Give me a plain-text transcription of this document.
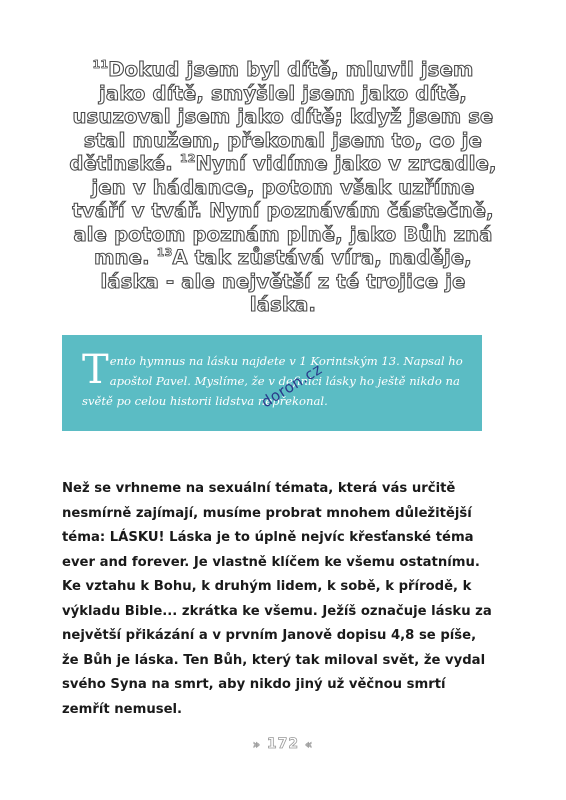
$^{11}$Dokud jsem byl dítě, mluvil jsem jako dítě, smýšlel jsem jako dítě, usuzoval jsem jako dítě; když jsem se stal mužem, překonal jsem to, co je dětinské. $^{12}$Nyní vidíme jako v zrcadle, jen v hádance, potom však uzříme tváří v tvář. Nyní poznávám částečně, ale potom poznám plně, jako Bůh zná mne. $^{13}$A tak zůstává víra, naděje, láska - ale největší z té trojice je láska.
Tento hymnus na lásku najdete v 1 Korintským 13. Napsal ho apoštol Pavel. Myslíme, že v definici lásky ho ještě nikdo na světě po celou historii lidstva nepřekonal.
doron.cz
Než se vrhneme na sexuální témata, která vás určitě nesmírně zajímají, musíme probrat mnohem důležitější téma: LÁSKU! Láska je to úplně nejvíc křesťanské téma ever and forever. Je vlastně klíčem ke všemu ostatnímu. Ke vztahu k Bohu, k druhým lidem, k sobě, k přírodě, k výkladu Bible... zkrátka ke všemu. Ježíš označuje lásku za největší přikázání a v prvním Janově dopisu 4,8 se píše, že Bůh je láska. Ten Bůh, který tak miloval svět, že vydal svého Syna na smrt, aby nikdo jiný už věčnou smrtí zemřít nemusel.
» 172 «
